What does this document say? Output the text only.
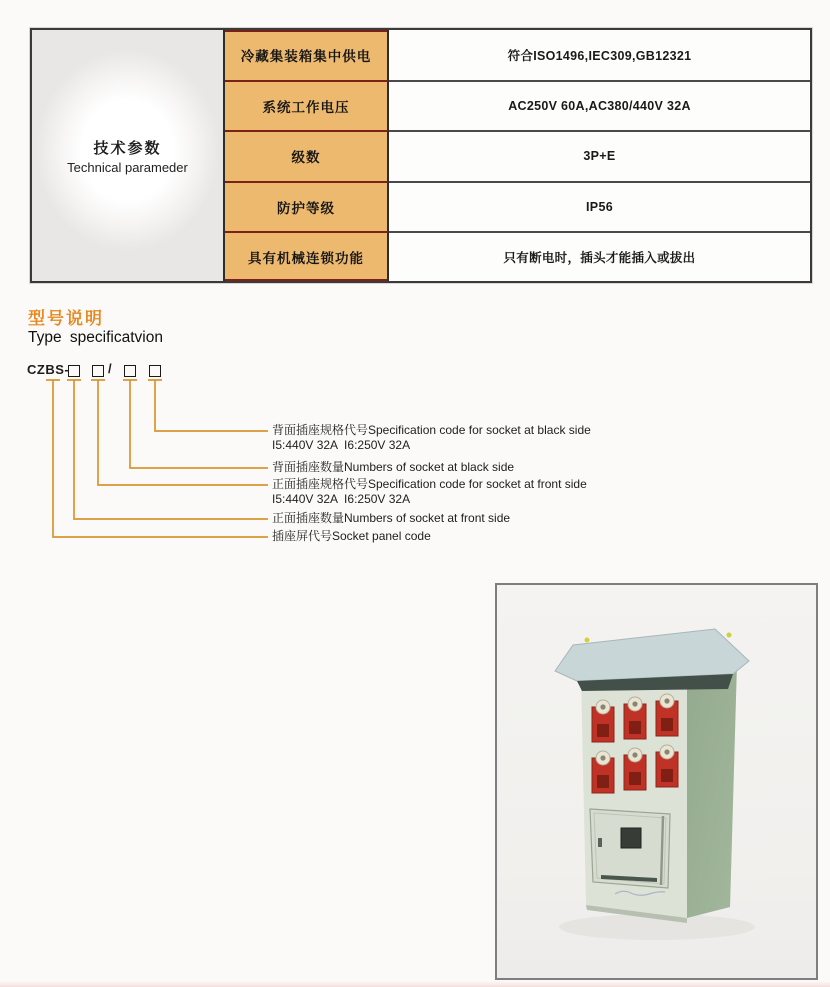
技术参数
Technical parameder
冷藏集装箱集中供电	符合ISO1496,IEC309,GB12321
系统工作电压	AC250V 60A,AC380/440V 32A
级数	3P+E
防护等级	IP56
具有机械连锁功能	只有断电时，插头才能插入或拔出
型号说明
Type specificatvion
CZBS-	/
背面插座规格代号Specification code for socket at black side
I5:440V 32A  I6:250V 32A
背面插座数量Numbers of socket at black side
正面插座规格代号Specification code for socket at front side
I5:440V 32A  I6:250V 32A
正面插座数量Numbers of socket at front side
插座屏代号Socket panel code
